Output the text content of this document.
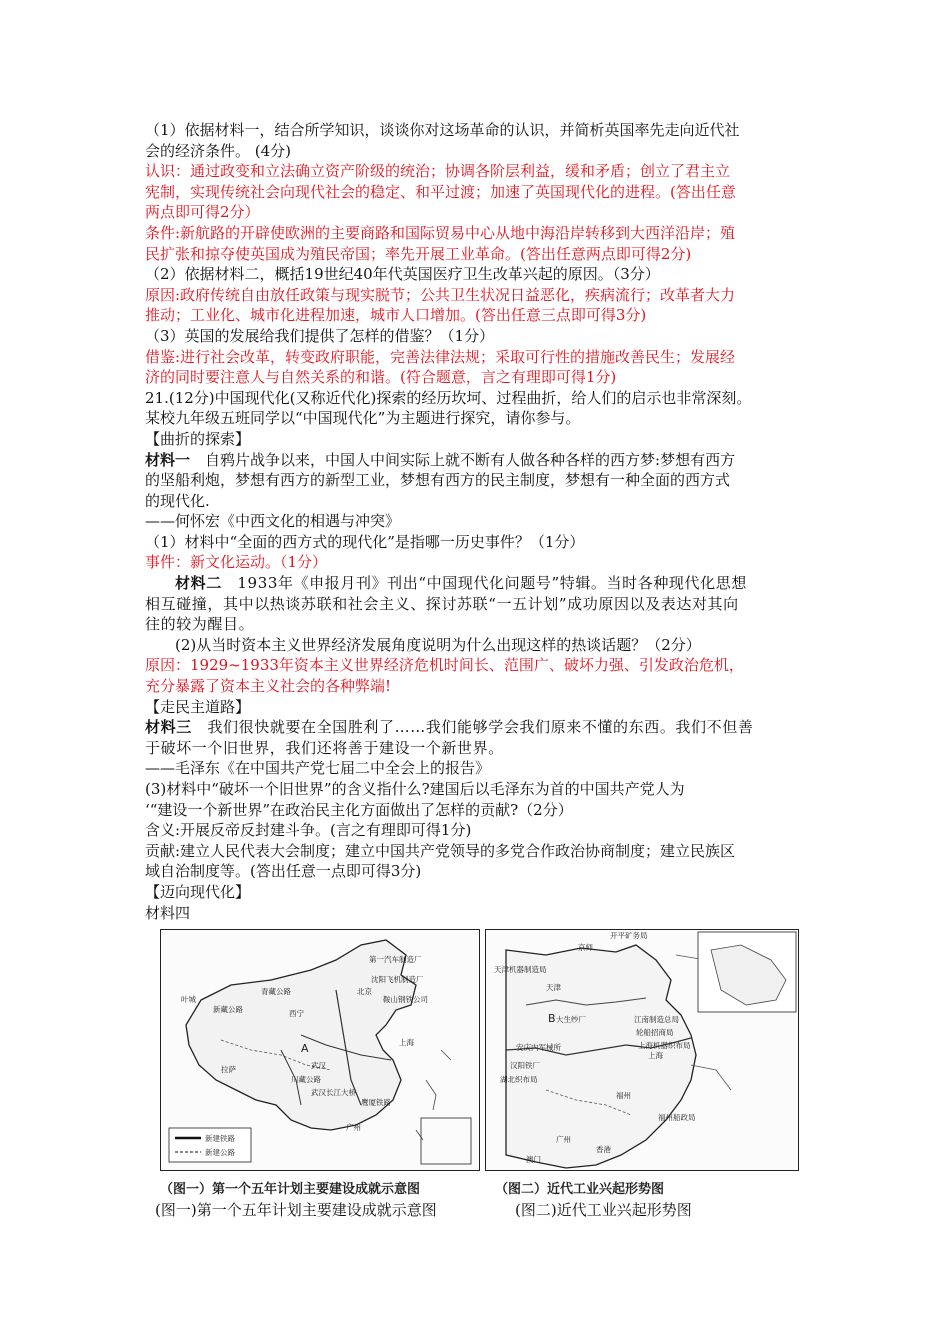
（1）依据材料一，结合所学知识，谈谈你对这场革命的认识，并简析英国率先走向近代社
会的经济条件。 (4分)
认识：通过政变和立法确立资产阶级的统治；协调各阶层利益，缓和矛盾；创立了君主立
宪制，实现传统社会向现代社会的稳定、和平过渡；加速了英国现代化的进程。(答出任意
两点即可得2分）
条件:新航路的开辟使欧洲的主要商路和国际贸易中心从地中海沿岸转移到大西洋沿岸；殖
民扩张和掠夺使英国成为殖民帝国；率先开展工业革命。(答出任意两点即可得2分)
（2）依据材料二，概括19世纪40年代英国医疗卫生改革兴起的原因。（3分）
原因:政府传统自由放任政策与现实脱节；公共卫生状况日益恶化，疾病流行；改革者大力
推动；工业化、城市化进程加速，城市人口增加。(答出任意三点即可得3分)
（3）英国的发展给我们提供了怎样的借鉴？（1分）
借鉴:进行社会改革，转变政府职能，完善法律法规；采取可行性的措施改善民生；发展经
济的同时要注意人与自然关系的和谐。(符合题意，言之有理即可得1分)
21.(12分)中国现代化(又称近代化)探索的经历坎坷、过程曲折，给人们的启示也非常深刻。
某校九年级五班同学以“中国现代化”为主题进行探究，请你参与。
【曲折的探索】
材料一　自鸦片战争以来，中国人中间实际上就不断有人做各种各样的西方梦:梦想有西方
的坚船利炮，梦想有西方的新型工业，梦想有西方的民主制度，梦想有一种全面的西方式
的现代化.
——何怀宏《中西文化的相遇与冲突》
（1）材料中“全面的西方式的现代化”是指哪一历史事件？（1分）
事件：新文化运动。（1分）
材料二　1933年《申报月刊》刊出“中国现代化问题号”特辑。当时各种现代化思想
相互碰撞，其中以热谈苏联和社会主义、探讨苏联“一五计划”成功原因以及表达对其向
往的较为醒目。
(2)从当时资本主义世界经济发展角度说明为什么出现这样的热谈话题？（2分）
原因：1929~1933年资本主义世界经济危机时间长、范围广、破坏力强、引发政治危机，
充分暴露了资本主义社会的各种弊端!
【走民主道路】
材料三　我们很快就要在全国胜利了……我们能够学会我们原来不懂的东西。我们不但善
于破坏一个旧世界，我们还将善于建设一个新世界。
——毛泽东《在中国共产党七届二中全会上的报告》
(3)材料中“破坏一个旧世界”的含义指什么?建国后以毛泽东为首的中国共产党人为
‘“建设一个新世界”在政治民主化方面做出了怎样的贡献?（2分）
含义:开展反帝反封建斗争。(言之有理即可得1分)
贡献:建立人民代表大会制度；建立中国共产党领导的多党合作政治协商制度；建立民族区
域自治制度等。(答出任意一点即可得3分)
【迈向现代化】
材料四
第一汽车制造厂
沈阳飞机制造厂
鞍山钢铁公司
北京
青藏公路
新藏公路
叶城
西宁
拉萨
川藏公路
武汉长江大桥
鹰厦铁路
上海
武汉
广州
A
新建铁路
新建公路
天津机器制造局
京师
开平矿务局
天津
大生纱厂	江南制造总局
轮船招商局
上海机器织布局
安庆内军械所
汉阳铁厂
湖北织布局
福州船政局
广州
香港
澳门
B
上海
福州
（图一）第一个五年计划主要建设成就示意图	（图二）近代工业兴起形势图
(图一)第一个五年计划主要建设成就示意图	(图二)近代工业兴起形势图
